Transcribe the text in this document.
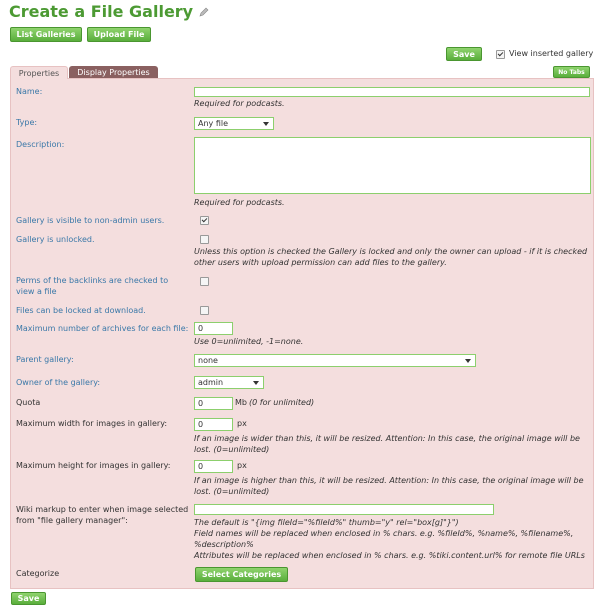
Create a File Gallery
List Galleries	Upload File
Save	View inserted gallery
No Tabs
Properties	Display Properties
Name:
Required for podcasts.
Type:	Any file
Description:
Required for podcasts.
Gallery is visible to non-admin users.
Gallery is unlocked.
Unless this option is checked the Gallery is locked and only the owner can upload - if it is checked
other users with upload permission can add files to the gallery.
Perms of the backlinks are checked to
view a file
Files can be locked at download.
Maximum number of archives for each file:	0
Use 0=unlimited, -1=none.
Parent gallery:	none
Owner of the gallery:	admin
Quota	0	Mb (0 for unlimited)
Maximum width for images in gallery:	0	px
If an image is wider than this, it will be resized. Attention: In this case, the original image will be
lost. (0=unlimited)
Maximum height for images in gallery:	0	px
If an image is higher than this, it will be resized. Attention: In this case, the original image will be
lost. (0=unlimited)
Wiki markup to enter when image selected
from "file gallery manager":	The default is "{img fileId="%fileId%" thumb="y" rel="box[g]"}")
Field names will be replaced when enclosed in % chars. e.g. %fileId%, %name%, %filename%,
%description%
Attributes will be replaced when enclosed in % chars. e.g. %tiki.content.url% for remote file URLs
Categorize	Select Categories
Save
